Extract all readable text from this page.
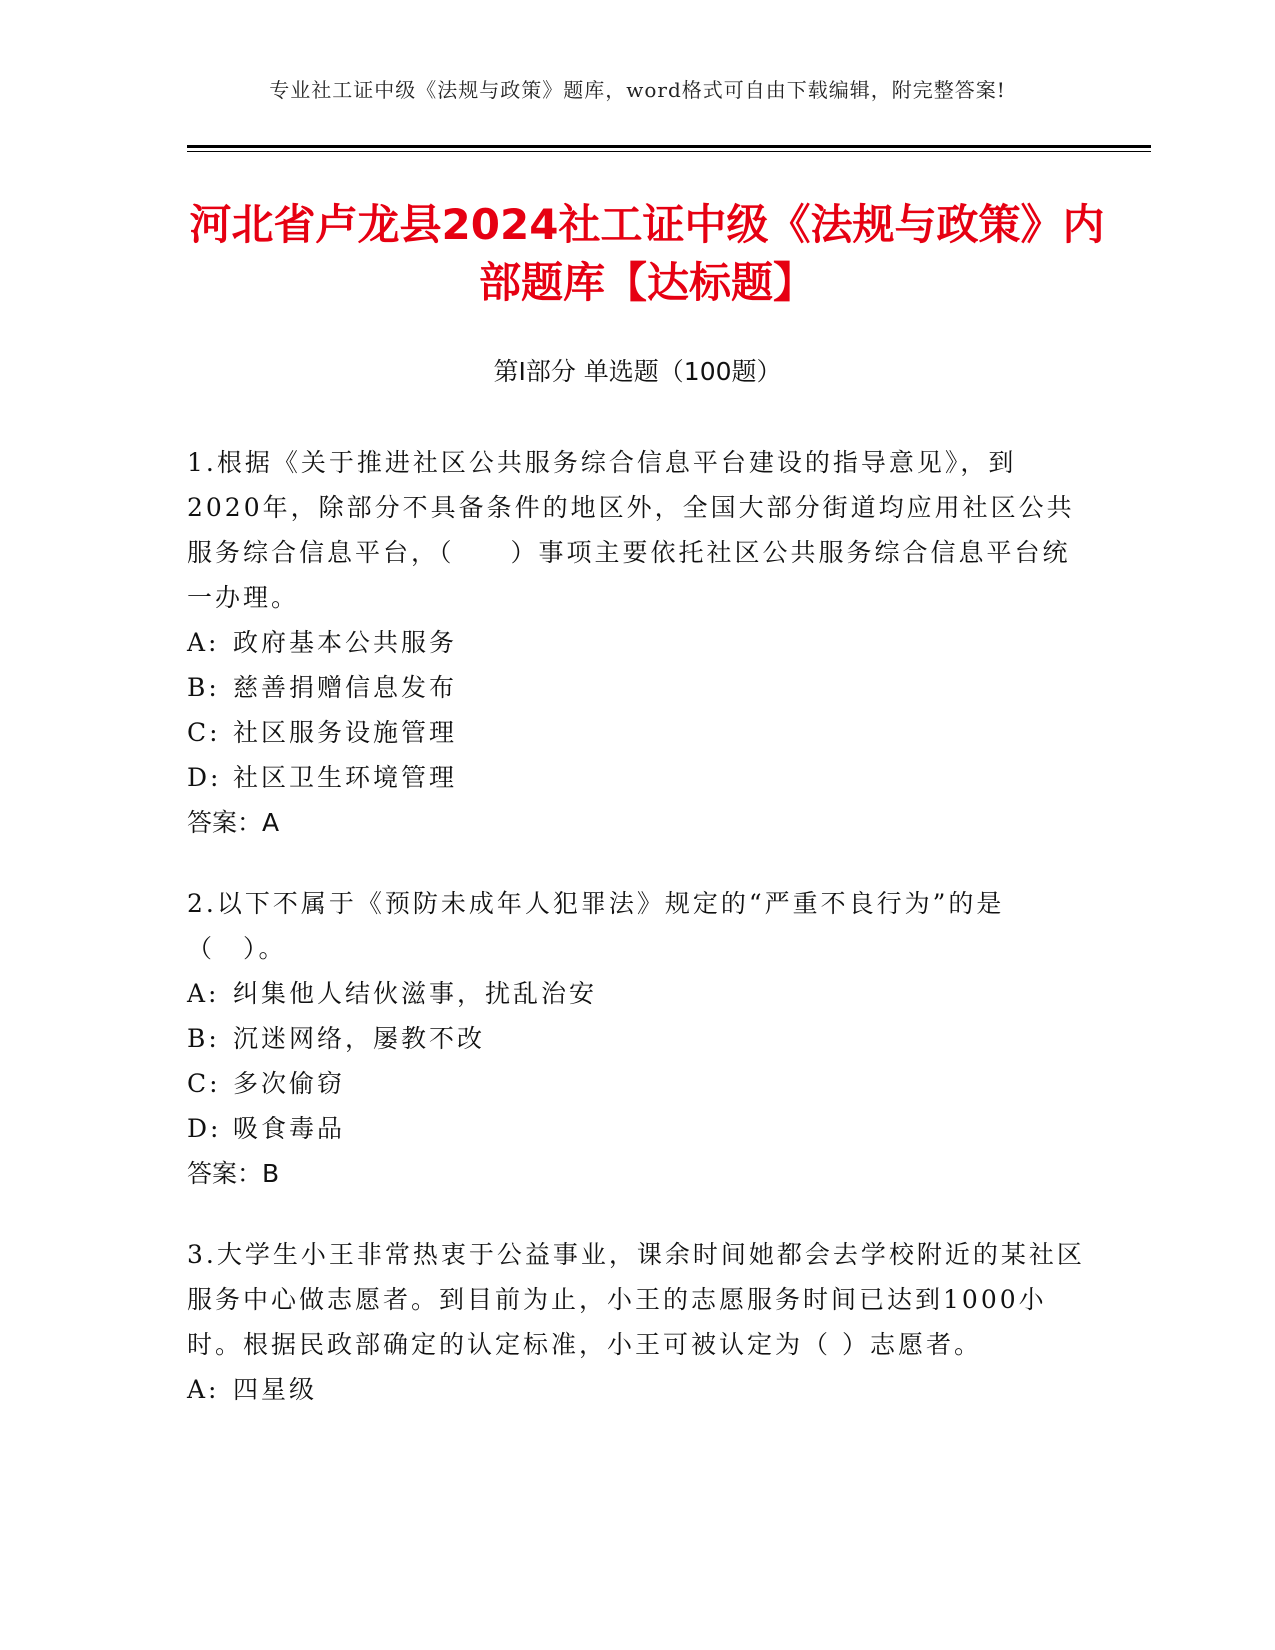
专业社工证中级《法规与政策》题库，word格式可自由下载编辑，附完整答案!
河北省卢龙县2024社工证中级《法规与政策》内部题库【达标题】
第Ⅰ部分 单选题（100题）

1.根据《关于推进社区公共服务综合信息平台建设的指导意见》，到2020年，除部分不具备条件的地区外，全国大部分街道均应用社区公共服务综合信息平台，（　　）事项主要依托社区公共服务综合信息平台统一办理。

A: 政府基本公共服务

B: 慈善捐赠信息发布

C: 社区服务设施管理

D: 社区卫生环境管理

答案：A

2.以下不属于《预防未成年人犯罪法》规定的“严重不良行为”的是（　）。

A: 纠集他人结伙滋事，扰乱治安

B: 沉迷网络，屡教不改

C: 多次偷窃

D: 吸食毒品

答案：B

3.大学生小王非常热衷于公益事业，课余时间她都会去学校附近的某社区服务中心做志愿者。到目前为止，小王的志愿服务时间已达到1000小时。根据民政部确定的认定标准，小王可被认定为（ ）志愿者。

A: 四星级
